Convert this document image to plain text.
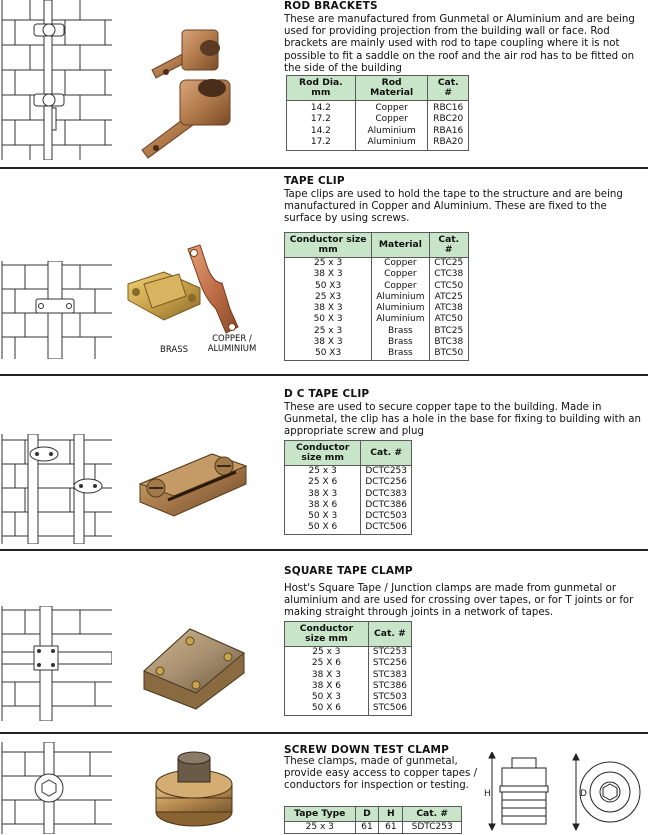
ROD BRACKETS

These are manufactured from Gunmetal or Aluminium and are being used for providing projection from the building wall or face. Rod brackets are mainly used with rod to tape coupling where it is not possible to fit a saddle on the roof and the air rod has to be fitted on the side of the building

Rod Dia. mm	Rod Material	Cat. #
14.2	Copper	RBC16
17.2	Copper	RBC20
14.2	Aluminium	RBA16
17.2	Aluminium	RBA20
BRASS
COPPER / ALUMINIUM
TAPE CLIP

Tape clips are used to hold the tape to the structure and are being manufactured in Copper and Aluminium. These are fixed to the surface by using screws.

Conductor size mm	Material	Cat. #
25 x 3	Copper	CTC25
38 X 3	Copper	CTC38
50 X3	Copper	CTC50
25 X3	Aluminium	ATC25
38 X 3	Aluminium	ATC38
50 X 3	Aluminium	ATC50
25 x 3	Brass	BTC25
38 X 3	Brass	BTC38
50 X3	Brass	BTC50
D C TAPE CLIP

These are used to secure copper tape to the building. Made in Gunmetal, the clip has a hole in the base for fixing to building with an appropriate screw and plug

Conductor size mm	Cat. #
25 x 3	DCTC253
25 X 6	DCTC256
38 X 3	DCTC383
38 X 6	DCTC386
50 X 3	DCTC503
50 X 6	DCTC506
SQUARE TAPE CLAMP

Host's Square Tape / Junction clamps are made from gunmetal or aluminium and are used for crossing over tapes, or for T joints or for making straight through joints in a network of tapes.

Conductor size mm	Cat. #
25 x 3	STC253
25 X 6	STC256
38 X 3	STC383
38 X 6	STC386
50 X 3	STC503
50 X 6	STC506
SCREW DOWN TEST CLAMP

These clamps, made of gunmetal, provide easy access to copper tapes / conductors for inspection or testing.

Tape Type	D	H	Cat. #
25 x 3	61	61	SDTC253
H	D
